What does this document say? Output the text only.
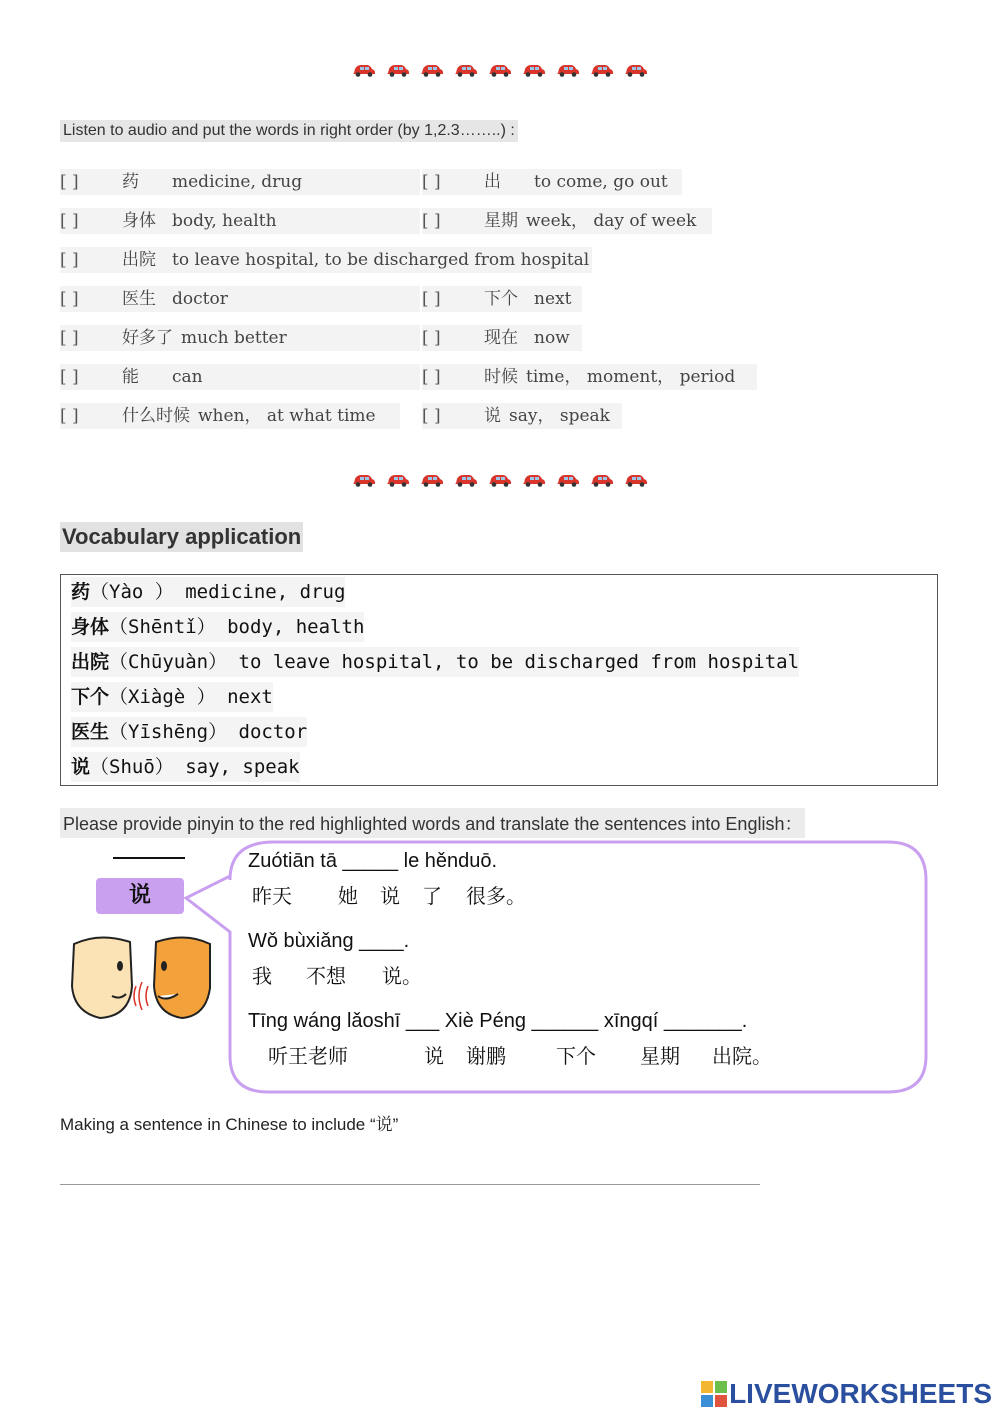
Listen to audio and put the words in right order (by 1,2.3……..) :
[ ]	药 medicine, drug
[ ]	身体 body, health
[ ]	出院 to leave hospital, to be discharged from hospital
[ ]	医生 doctor
[ ]	好多了 much better
[ ]	能 can
[ ]	什么时候 when， at what time
[ ]	出 to come, go out
[ ]	星期 week， day of week
[ ]	下个 next
[ ]	现在 now
[ ]	时候 time， moment， period
[ ]	说 say， speak
Vocabulary application
药（Yào ） medicine, drug
身体（Shēntǐ） body, health
出院（Chūyuàn） to leave hospital, to be discharged from hospital
下个（Xiàgè ） next
医生（Yīshēng） doctor
说（Shuō） say, speak
Please provide pinyin to the red highlighted words and translate the sentences into English：
说
Zuótiān tā _____ le hěnduō.
昨天 她 说 了 很多。
Wǒ bùxiǎng ____.
我 不想 说。
Tīng wáng lǎoshī ___ Xiè Péng ______ xīngqí _______.
听王老师	说 谢鹏	下个 星期 出院。
Making a sentence in Chinese to include “说”
LIVEWORKSHEETS
